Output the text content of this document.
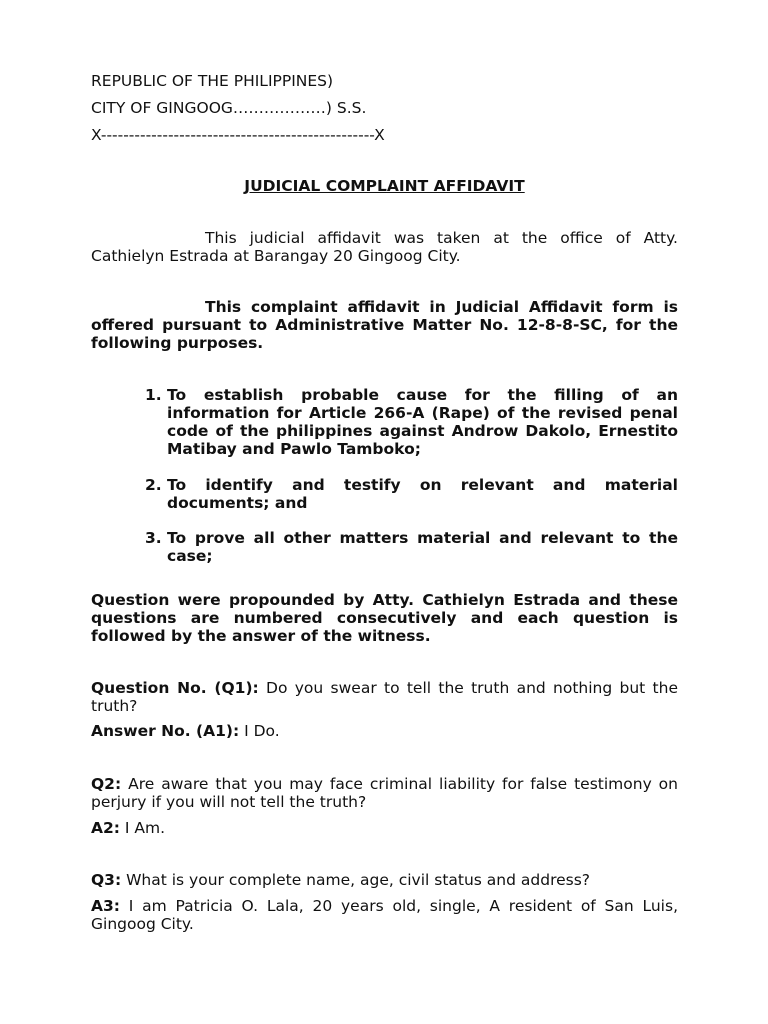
REPUBLIC OF THE PHILIPPINES)
CITY OF GINGOOG………………) S.S.
X-------------------------------------------------X
JUDICIAL COMPLAINT AFFIDAVIT
This judicial affidavit was taken at the office of Atty. Cathielyn Estrada at Barangay 20 Gingoog City.
This complaint affidavit in Judicial Affidavit form is offered pursuant to Administrative Matter No. 12-8-8-SC, for the following purposes.
1. To establish probable cause for the filling of an information for Article 266-A (Rape) of the revised penal code of the philippines against Androw Dakolo, Ernestito Matibay and Pawlo Tamboko;
2. To identify and testify on relevant and material documents; and
3. To prove all other matters material and relevant to the case;
Question were propounded by Atty. Cathielyn Estrada and these questions are numbered consecutively and each question is followed by the answer of the witness.
Question No. (Q1): Do you swear to tell the truth and nothing but the truth?
Answer No. (A1): I Do.
Q2: Are aware that you may face criminal liability for false testimony on perjury if you will not tell the truth?
A2: I Am.
Q3: What is your complete name, age, civil status and address?
A3: I am Patricia O. Lala, 20 years old, single, A resident of San Luis, Gingoog City.
